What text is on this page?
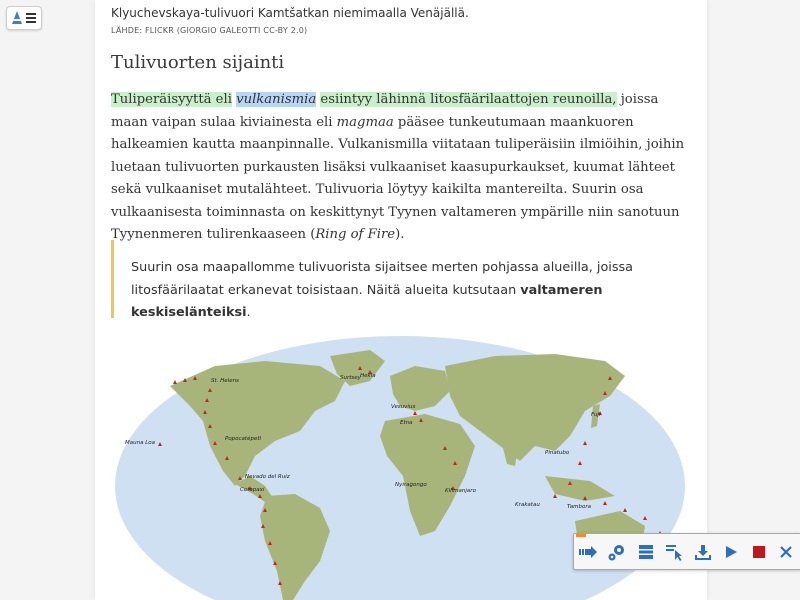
Klyuchevskaya-tulivuori Kamtšatkan niemimaalla Venäjällä.
LÄHDE: FLICKR (GIORGIO GALEOTTI CC-BY 2.0)
Tulivuorten sijainti
Tuliperäisyyttä eli vulkanismia esiintyy lähinnä litosfäärilaattojen reunoilla, joissa maan vaipan sulaa kiviainesta eli magmaa pääsee tunkeutumaan maankuoren halkeamien kautta maanpinnalle. Vulkanismilla viitataan tuliperäisiin ilmiöihin, joihin luetaan tulivuorten purkausten lisäksi vulkaaniset kaasupurkaukset, kuumat lähteet sekä vulkaaniset mutalähteet. Tulivuoria löytyy kaikilta mantereilta. Suurin osa vulkaanisesta toiminnasta on keskittynyt Tyynen valtameren ympärille niin sanotuun Tyynenmeren tulirenkaaseen (Ring of Fire).

Suurin osa maapallomme tulivuorista sijaitsee merten pohjassa alueilla, joissa litosfäärilaatat erkanevat toisistaan. Näitä alueita kutsutaan valtameren keskiselänteiksi.

St. Helens	Surtsey Hekla
Vesuvius
Etna
Mauna Loa
Popocatépetl
Nevado del Ruiz
Cotopaxi
Fuji
Pinatubo
Nyiragongo
Kilimanjaro
Krakatau	Tambora
